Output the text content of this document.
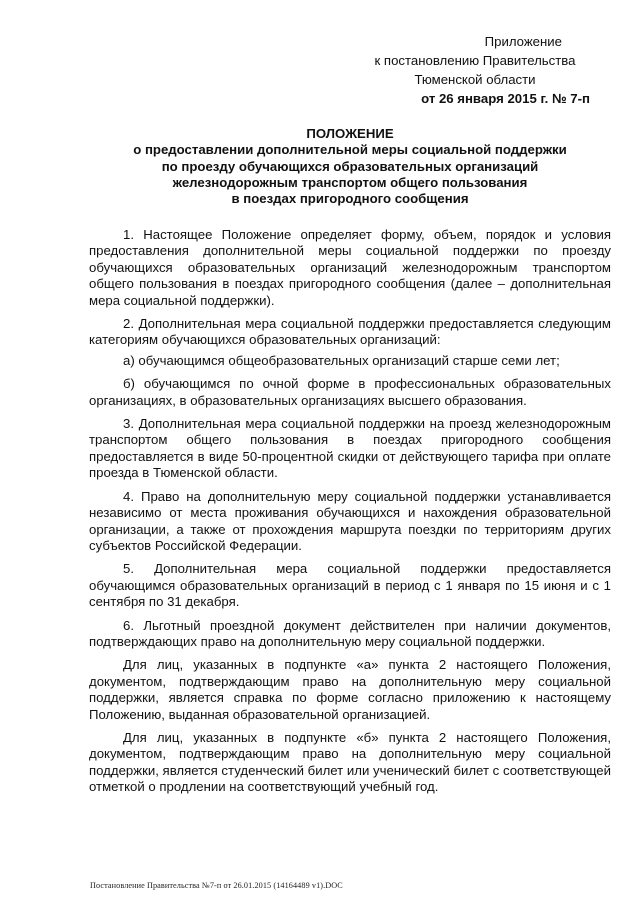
Приложение
к постановлению Правительства
Тюменской области
от 26 января 2015 г. № 7-п
ПОЛОЖЕНИЕ
о предоставлении дополнительной меры социальной поддержки
по проезду обучающихся образовательных организаций
железнодорожным транспортом общего пользования
в поездах пригородного сообщения

1. Настоящее Положение определяет форму, объем, порядок и условия предоставления дополнительной меры социальной поддержки по проезду обучающихся образовательных организаций железнодорожным транспортом общего пользования в поездах пригородного сообщения (далее – дополнительная мера социальной поддержки).

2. Дополнительная мера социальной поддержки предоставляется следующим категориям обучающихся образовательных организаций:

а) обучающимся общеобразовательных организаций старше семи лет;

б) обучающимся по очной форме в профессиональных образовательных организациях, в образовательных организациях высшего образования.

3. Дополнительная мера социальной поддержки на проезд железнодорожным транспортом общего пользования в поездах пригородного сообщения предоставляется в виде 50-процентной скидки от действующего тарифа при оплате проезда в Тюменской области.

4. Право на дополнительную меру социальной поддержки устанавливается независимо от места проживания обучающихся и нахождения образовательной организации, а также от прохождения маршрута поездки по территориям других субъектов Российской Федерации.

5. Дополнительная мера социальной поддержки предоставляется обучающимся образовательных организаций в период с 1 января по 15 июня и с 1 сентября по 31 декабря.

6. Льготный проездной документ действителен при наличии документов, подтверждающих право на дополнительную меру социальной поддержки.

Для лиц, указанных в подпункте «а» пункта 2 настоящего Положения, документом, подтверждающим право на дополнительную меру социальной поддержки, является справка по форме согласно приложению к настоящему Положению, выданная образовательной организацией.

Для лиц, указанных в подпункте «б» пункта 2 настоящего Положения, документом, подтверждающим право на дополнительную меру социальной поддержки, является студенческий билет или ученический билет с соответствующей отметкой о продлении на соответствующий учебный год.

Постановление Правительства №7-п от 26.01.2015 (14164489 v1).DOC
